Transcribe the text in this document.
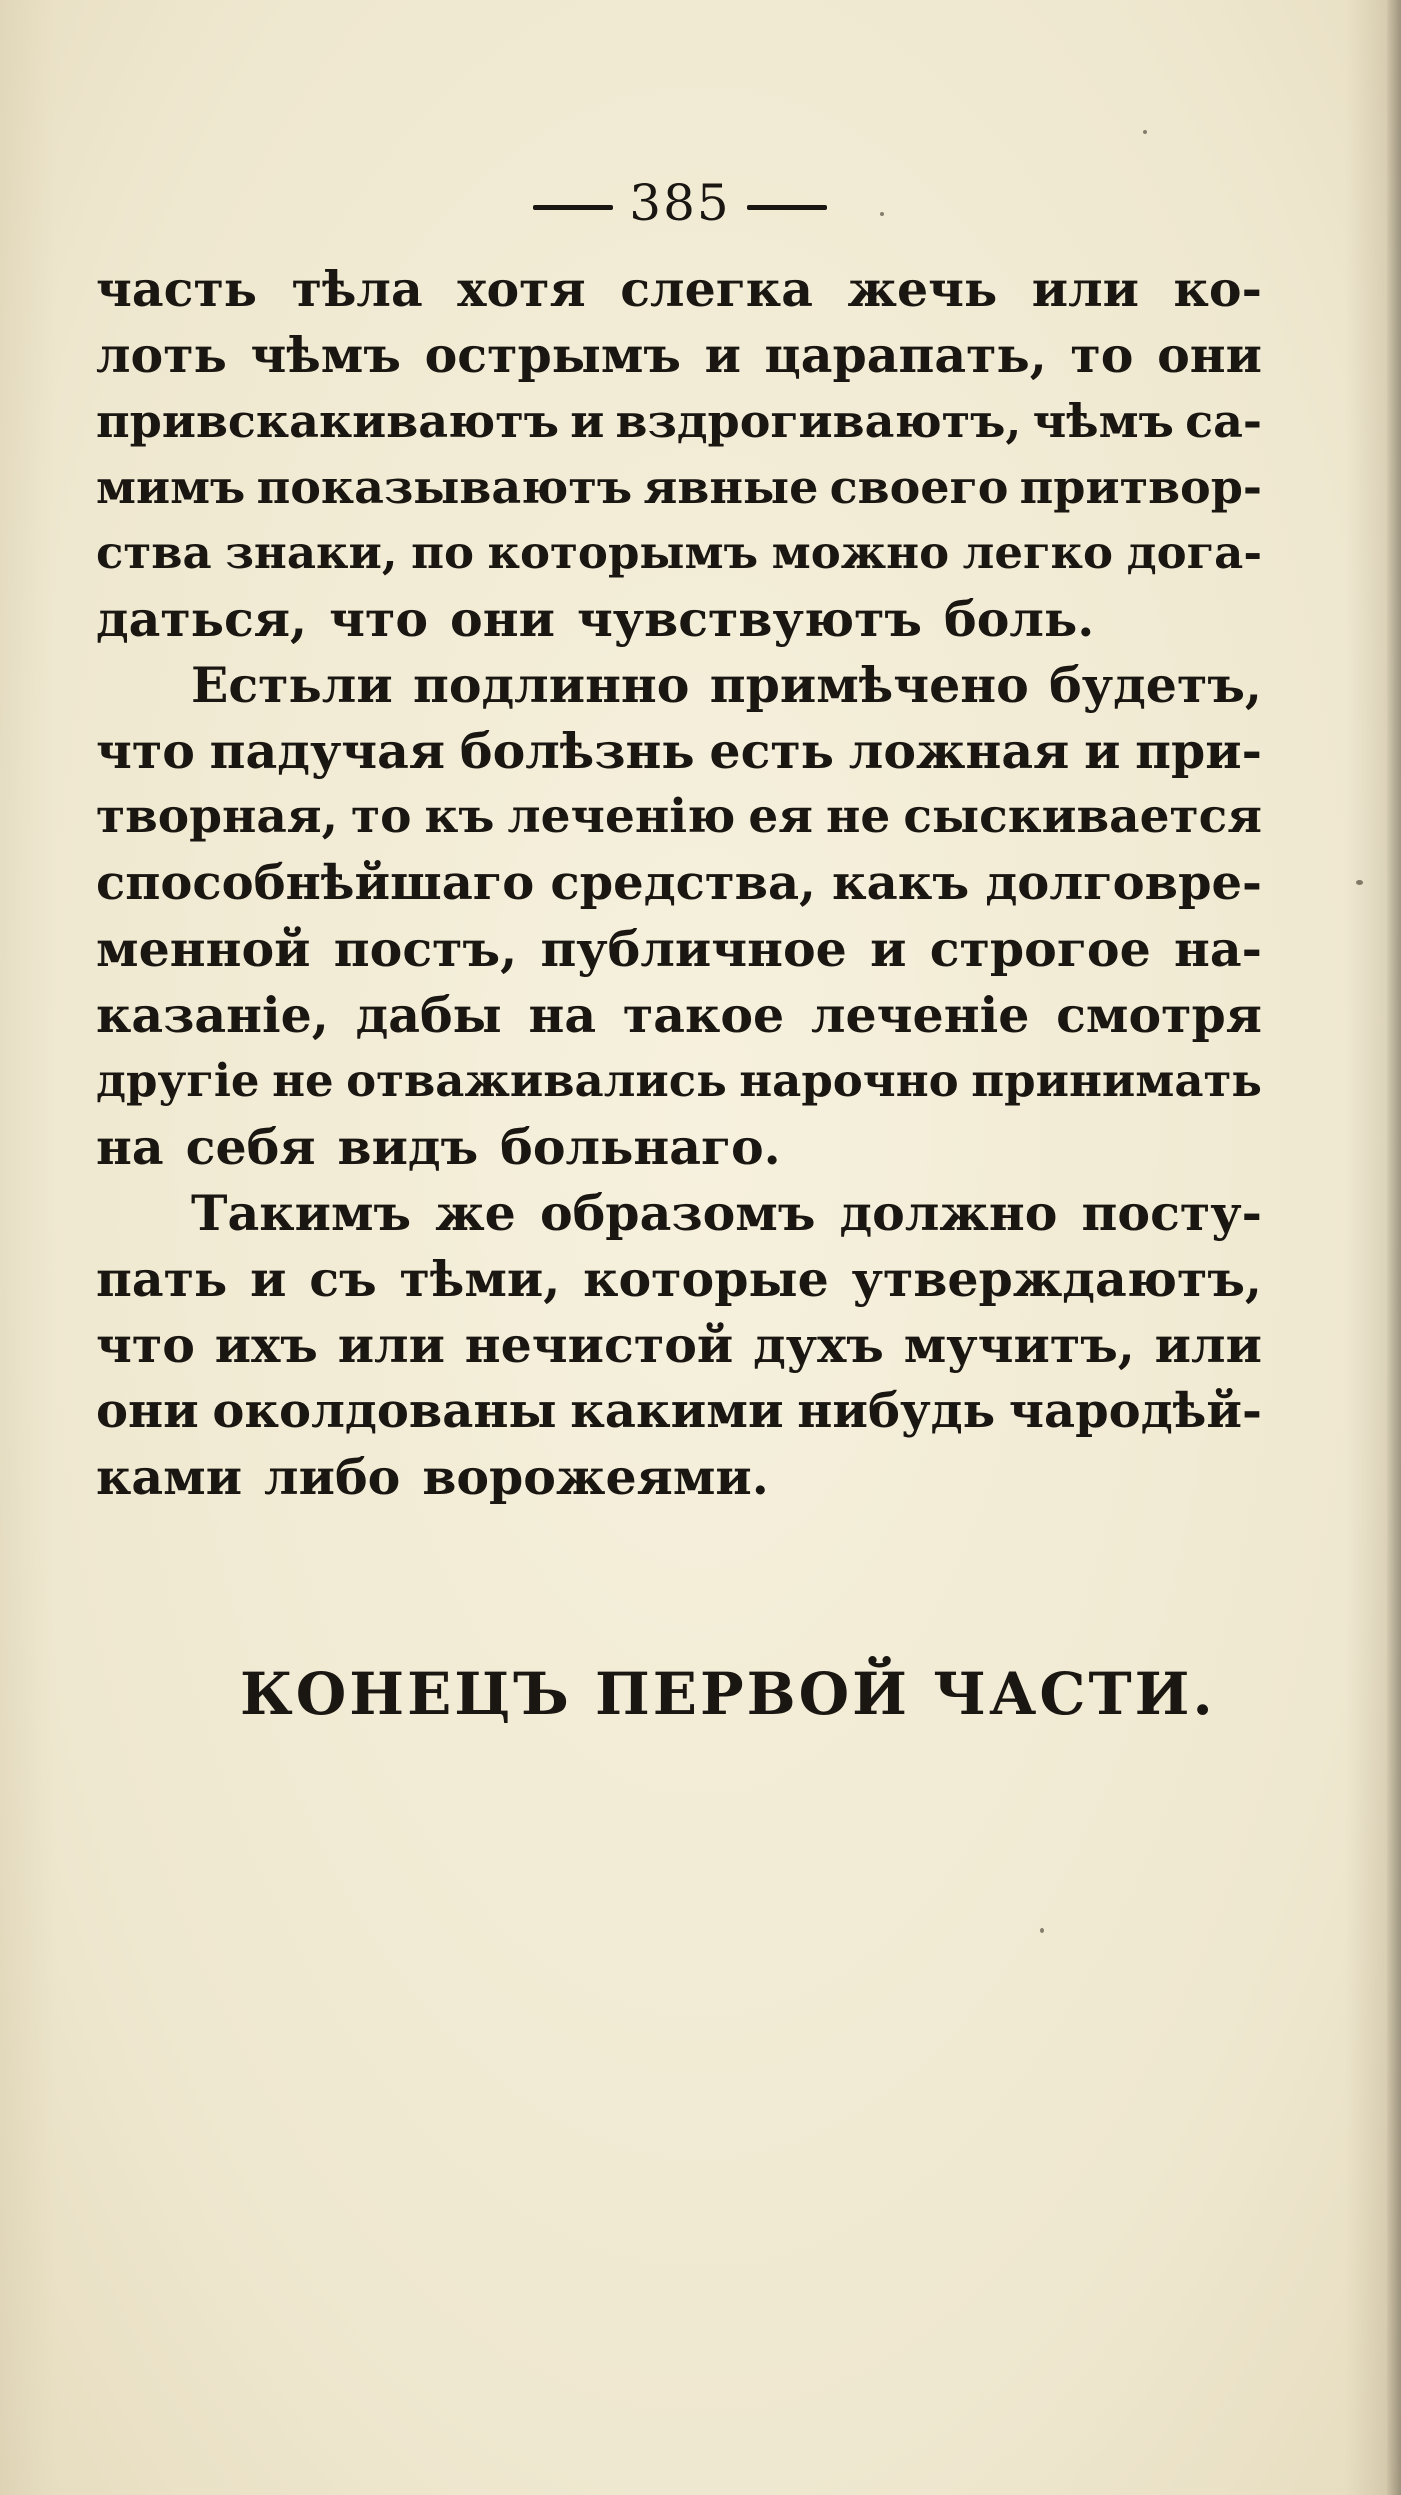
385
часть тѣла хотя слегка жечь или ко-
лоть чѣмъ острымъ и царапать, то они
привскакиваютъ и вздрогиваютъ, чѣмъ са-
мимъ показываютъ явные своего притвор-
ства знаки, по которымъ можно легко дога-
даться, что они чувствуютъ боль.
Естьли подлинно примѣчено будетъ,
что падучая болѣзнь есть ложная и при-
творная, то къ леченію ея не сыскивается
способнѣйшаго средства, какъ долговре-
менной постъ, публичное и строгое на-
казаніе, дабы на такое леченіе смотря
другіе не отваживались нарочно принимать
на себя видъ больнаго.
Такимъ же образомъ должно посту-
пать и съ тѣми, которые утверждаютъ,
что ихъ или нечистой духъ мучитъ, или
они околдованы какими нибудь чародѣй-
ками либо ворожеями.
КОНЕЦЪ ПЕРВОЙ ЧАСТИ.
